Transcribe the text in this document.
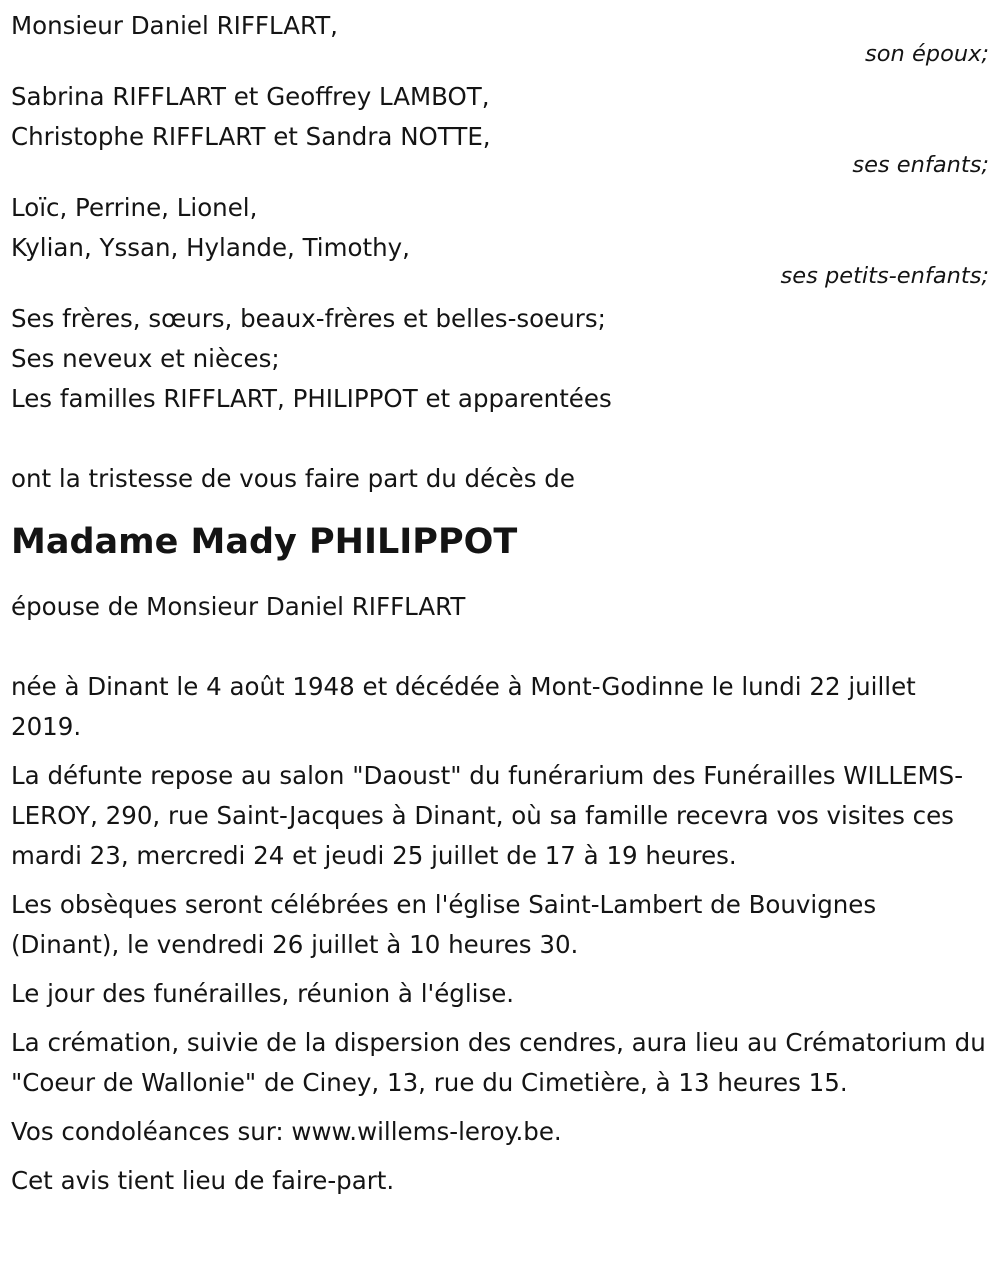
Monsieur Daniel RIFFLART,
son époux;
Sabrina RIFFLART et Geoffrey LAMBOT,
Christophe RIFFLART et Sandra NOTTE,
ses enfants;
Loïc, Perrine, Lionel,
Kylian, Yssan, Hylande, Timothy,
ses petits-enfants;
Ses frères, sœurs, beaux-frères et belles-soeurs;
Ses neveux et nièces;
Les familles RIFFLART, PHILIPPOT et apparentées
ont la tristesse de vous faire part du décès de
Madame Mady PHILIPPOT
épouse de Monsieur Daniel RIFFLART
née à Dinant le 4 août 1948 et décédée à Mont-Godinne le lundi 22 juillet 2019.
La défunte repose au salon "Daoust" du funérarium des Funérailles WILLEMS-LEROY, 290, rue Saint-Jacques à Dinant, où sa famille recevra vos visites ces mardi 23, mercredi 24 et jeudi 25 juillet de 17 à 19 heures.
Les obsèques seront célébrées en l'église Saint-Lambert de Bouvignes (Dinant), le vendredi 26 juillet à 10 heures 30.
Le jour des funérailles, réunion à l'église.
La crémation, suivie de la dispersion des cendres, aura lieu au Crématorium du "Coeur de Wallonie" de Ciney, 13, rue du Cimetière, à 13 heures 15.
Vos condoléances sur: www.willems-leroy.be.
Cet avis tient lieu de faire-part.
